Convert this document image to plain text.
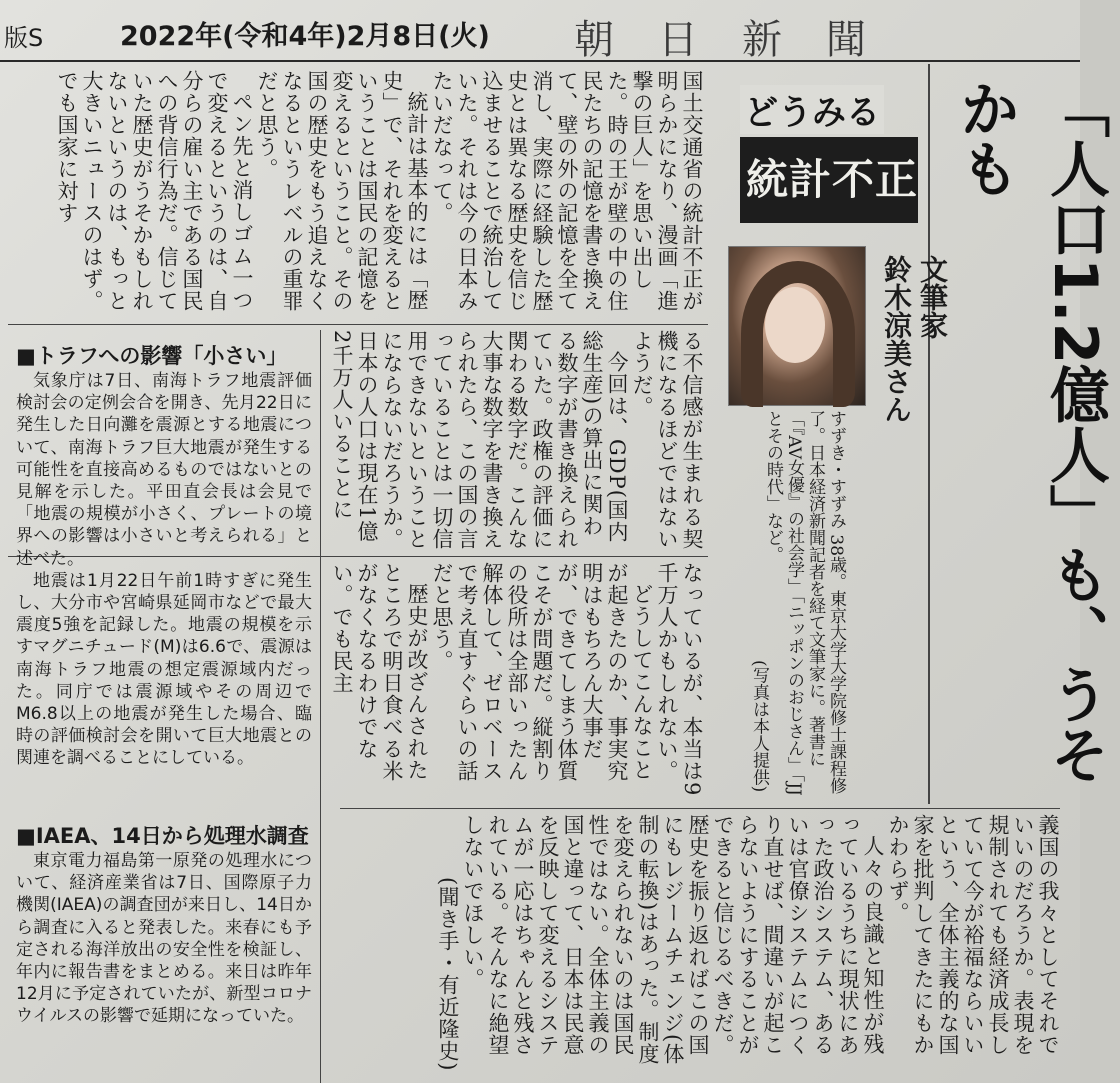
版S	2022年(令和4年)2月8日(火) 朝日新聞
「人口1.2億人」も、うそかも
どうみる
統計不正
文筆家
鈴木涼美さん

すずき・すずみ 38歳。東京大学大学院修士課程修了。日本経済新聞記者を経て文筆家に。著書に「『AV女優』の社会学」「ニッポンのおじさん」「JJとその時代」など。

(写真は本人提供)

国土交通省の統計不正が明らかになり、漫画「進撃の巨人」を思い出した。時の王が壁の中の住民たちの記憶を書き換えて、壁の外の記憶を全て消し、実際に経験した歴史とは異なる歴史を信じ込ませることで統治していた。それは今の日本みたいだなって。

統計は基本的には「歴史」で、それを変えるということは国民の記憶を変えるということ。その国の歴史をもう追えなくなるというレベルの重罪だと思う。

ペン先と消しゴム一つで変えるというのは、自分らの雇い主である国民への背信行為だ。信じていた歴史がうそかもしれないというのは、もっと大きいニュースのはず。でも国家に対す

る不信感が生まれる契機になるほどではないようだ。

今回は、GDP(国内総生産)の算出に関わる数字が書き換えられていた。政権の評価に関わる数字だ。こんな大事な数字を書き換えられたら、この国の言っていることは一切信用できないということにならないだろうか。日本の人口は現在1億2千万人いることに

なっているが、本当は9千万人かもしれない。

どうしてこんなことが起きたのか、事実究明はもちろん大事だが、できてしまう体質こそが問題だ。縦割りの役所は全部いったん解体して、ゼロベースで考え直すぐらいの話だと思う。

歴史が改ざんされたところで明日食べる米がなくなるわけでない。でも民主

義国の我々としてそれでいいのだろうか。表現を規制されても経済成長していて今が裕福ならいいという、全体主義的な国家を批判してきたにもかかわらず。

人々の良識と知性が残っているうちに現状にあった政治システム、あるいは官僚システムにつくり直せば、間違いが起こらないようにすることができると信じるべきだ。歴史を振り返ればこの国にもレジームチェンジ(体制の転換)はあった。制度を変えられないのは国民性ではない。全体主義の国と違って、日本は民意を反映して変えるシステムが一応はちゃんと残されている。そんなに絶望しないでほしい。

(聞き手・有近隆史)

■トラフへの影響「小さい」

気象庁は7日、南海トラフ地震評価検討会の定例会合を開き、先月22日に発生した日向灘を震源とする地震について、南海トラフ巨大地震が発生する可能性を直接高めるものではないとの見解を示した。平田直会長は会見で「地震の規模が小さく、プレートの境界への影響は小さいと考えられる」と述べた。

地震は1月22日午前1時すぎに発生し、大分市や宮崎県延岡市などで最大震度5強を記録した。地震の規模を示すマグニチュード(M)は6.6で、震源は南海トラフ地震の想定震源域内だった。同庁では震源域やその周辺でM6.8以上の地震が発生した場合、臨時の評価検討会を開いて巨大地震との関連を調べることにしている。

■IAEA、14日から処理水調査

東京電力福島第一原発の処理水について、経済産業省は7日、国際原子力機関(IAEA)の調査団が来日し、14日から調査に入ると発表した。来春にも予定される海洋放出の安全性を検証し、年内に報告書をまとめる。来日は昨年12月に予定されていたが、新型コロナウイルスの影響で延期になっていた。
